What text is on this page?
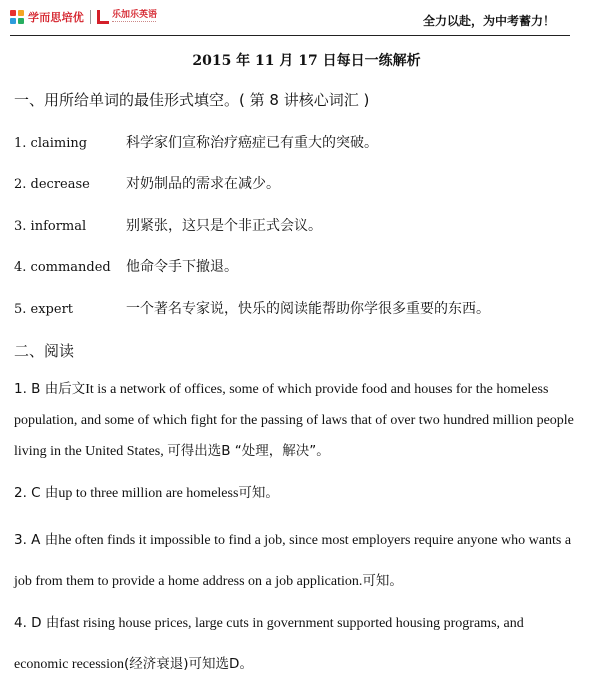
学而思培优	乐加乐英语	全力以赴，为中考蓄力！
2015 年 11 月 17 日每日一练解析
一、用所给单词的最佳形式填空。( 第 8 讲核心词汇 )
1. claiming	科学家们宣称治疗癌症已有重大的突破。
2. decrease	对奶制品的需求在减少。
3. informal	别紧张，这只是个非正式会议。
4. commanded 他命令手下撤退。
5. expert	一个著名专家说，快乐的阅读能帮助你学很多重要的东西。
二、阅读
1. B 由后文It is a network of offices, some of which provide food and houses for the homeless population, and some of which fight for the passing of laws that of over two hundred million people living in the United States, 可得出选B “处理，解决”。
2. C 由up to three million are homeless可知。
3. A 由he often finds it impossible to find a job, since most employers require anyone who wants a job from them to provide a home address on a job application.可知。
4. D 由fast rising house prices, large cuts in government supported housing programs, and economic recession(经济衰退)可知选D。
